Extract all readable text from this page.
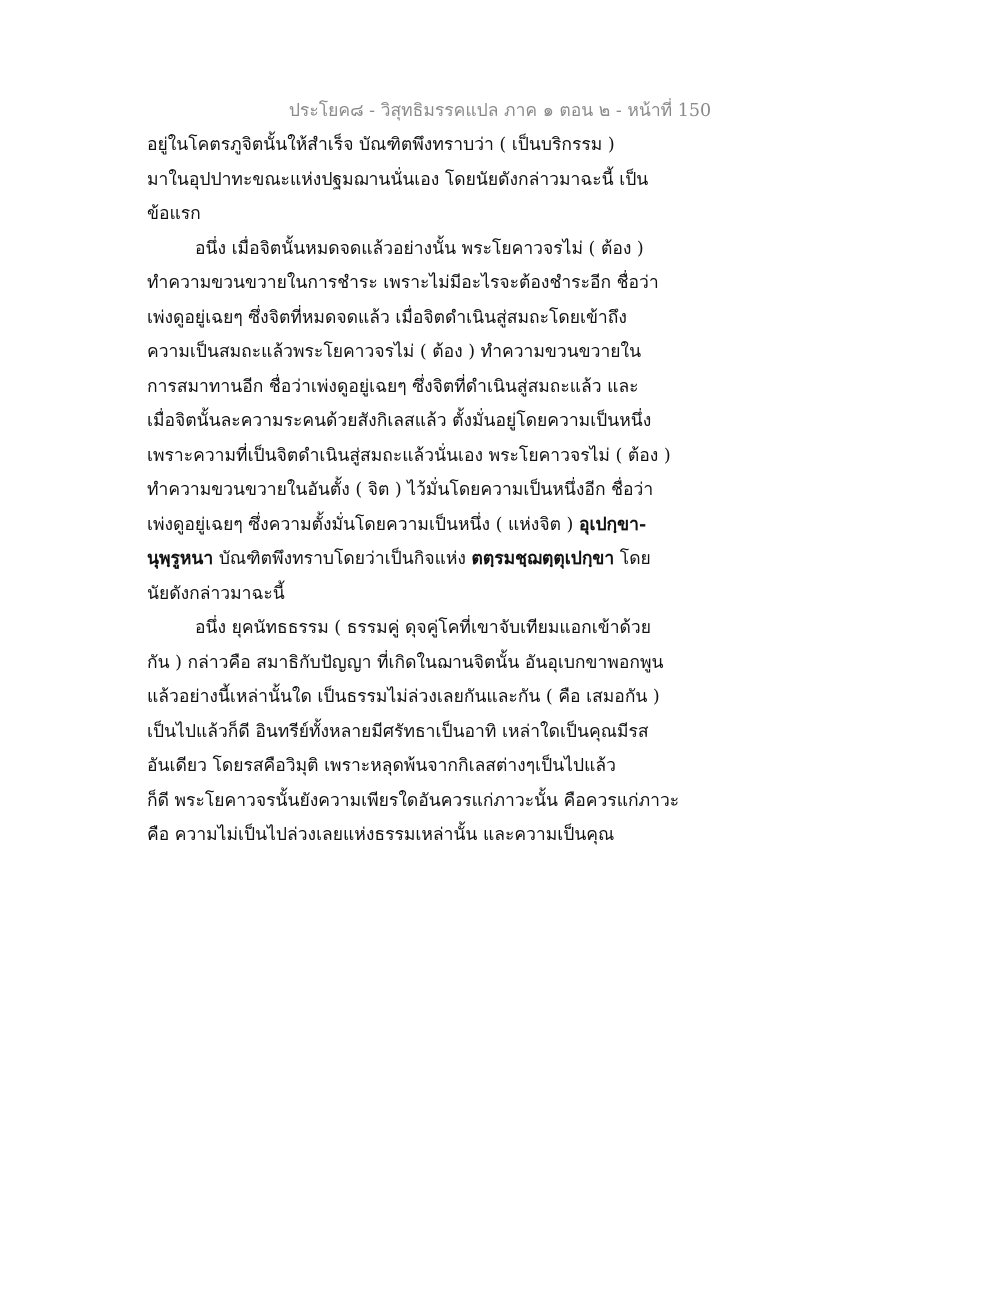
ประโยค๘ - วิสุทธิมรรคแปล ภาค ๑ ตอน ๒ - หน้าที่ 150
อยู่ในโคตรภูจิตนั้นให้สำเร็จ บัณฑิตพึงทราบว่า ( เป็นบริกรรม )
มาในอุปปาทะขณะแห่งปฐมฌานนั่นเอง โดยนัยดังกล่าวมาฉะนี้ เป็น
ข้อแรก
อนึ่ง เมื่อจิตนั้นหมดจดแล้วอย่างนั้น พระโยคาวจรไม่ ( ต้อง )
ทำความขวนขวายในการชำระ เพราะไม่มีอะไรจะต้องชำระอีก ชื่อว่า
เพ่งดูอยู่เฉยๆ ซึ่งจิตที่หมดจดแล้ว เมื่อจิตดำเนินสู่สมถะโดยเข้าถึง
ความเป็นสมถะแล้วพระโยคาวจรไม่ ( ต้อง ) ทำความขวนขวายใน
การสมาทานอีก ชื่อว่าเพ่งดูอยู่เฉยๆ ซึ่งจิตที่ดำเนินสู่สมถะแล้ว และ
เมื่อจิตนั้นละความระคนด้วยสังกิเลสแล้ว ตั้งมั่นอยู่โดยความเป็นหนึ่ง
เพราะความที่เป็นจิตดำเนินสู่สมถะแล้วนั่นเอง พระโยคาวจรไม่ ( ต้อง )
ทำความขวนขวายในอันตั้ง ( จิต ) ไว้มั่นโดยความเป็นหนึ่งอีก ชื่อว่า
เพ่งดูอยู่เฉยๆ ซึ่งความตั้งมั่นโดยความเป็นหนึ่ง ( แห่งจิต ) อุเปกฺขา-
นุพฺรูหนา บัณฑิตพึงทราบโดยว่าเป็นกิจแห่ง ตตฺรมชฺฌตฺตุเปกฺขา โดย
นัยดังกล่าวมาฉะนี้
อนึ่ง ยุคนัทธธรรม ( ธรรมคู่ ดุจคู่โคที่เขาจับเทียมแอกเข้าด้วย
กัน ) กล่าวคือ สมาธิกับปัญญา ที่เกิดในฌานจิตนั้น อันอุเบกขาพอกพูน
แล้วอย่างนี้เหล่านั้นใด เป็นธรรมไม่ล่วงเลยกันและกัน ( คือ เสมอกัน )
เป็นไปแล้วก็ดี อินทรีย์ทั้งหลายมีศรัทธาเป็นอาทิ เหล่าใดเป็นคุณมีรส
อันเดียว โดยรสคือวิมุติ เพราะหลุดพ้นจากกิเลสต่างๆเป็นไปแล้ว
ก็ดี พระโยคาวจรนั้นยังความเพียรใดอันควรแก่ภาวะนั้น คือควรแก่ภาวะ
คือ ความไม่เป็นไปล่วงเลยแห่งธรรมเหล่านั้น และความเป็นคุณ
